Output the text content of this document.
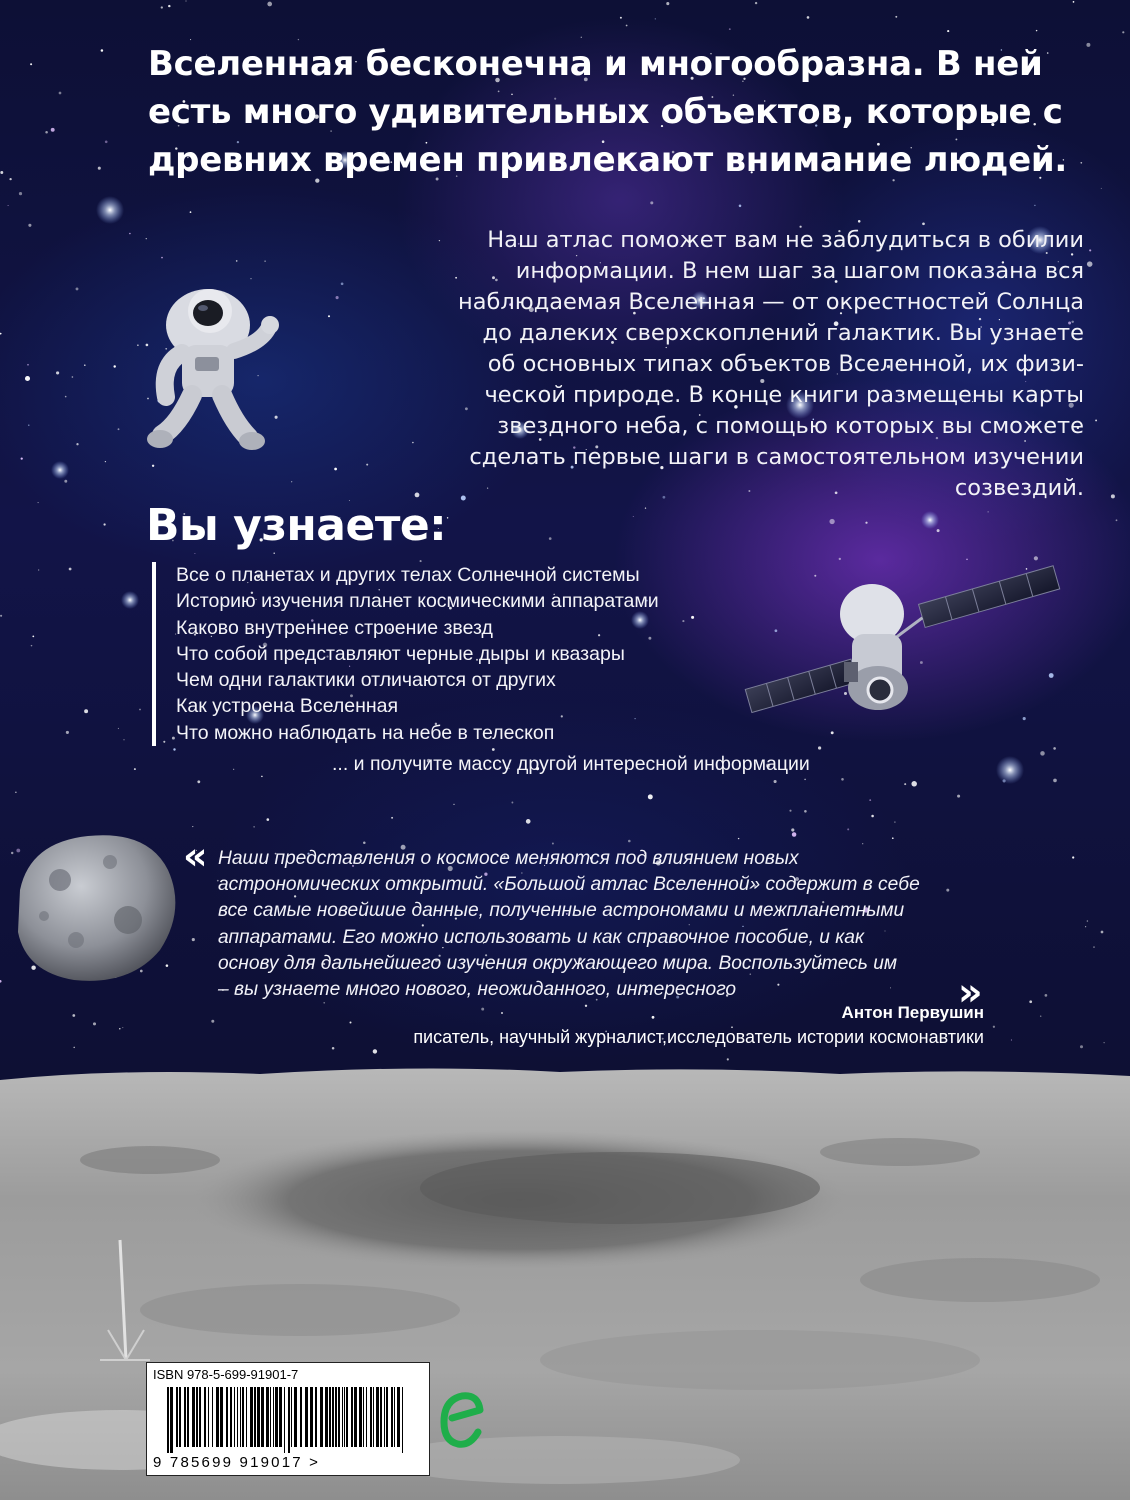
Вселенная бесконечна и многообразна. В ней есть много удивительных объектов, которые с древних времен привлекают внимание людей.

Наш атлас поможет вам не заблудиться в обилии
информации. В нем шаг за шагом показана вся
наблюдаемая Вселенная — от окрестностей Солнца
до далеких сверхскоплений галактик. Вы узнаете
об основных типах объектов Вселенной, их физи-
ческой природе. В конце книги размещены карты
звездного неба, с помощью которых вы сможете
сделать первые шаги в самостоятельном изучении
созвездий.

Вы узнаете:
Все о планетах и других телах Солнечной системы
Историю изучения планет космическими аппаратами
Каково внутреннее строение звезд
Что собой представляют черные дыры и квазары
Чем одни галактики отличаются от других
Как устроена Вселенная
Что можно наблюдать на небе в телескоп

... и получите массу другой интересной информации

« Наши представления о космосе меняются под влиянием новых
астрономических открытий. «Большой атлас Вселенной» содержит в себе
все самые новейшие данные, полученные астрономами и межпланетными
аппаратами. Его можно использовать и как справочное пособие, и как
основу для дальнейшего изучения окружающего мира. Воспользуйтесь им
– вы узнаете много нового, неожиданного, интересного	»

Антон Первушин

писатель, научный журналист,исследователь истории космонавтики

ISBN 978-5-699-91901-7
9 785699 919017 >
